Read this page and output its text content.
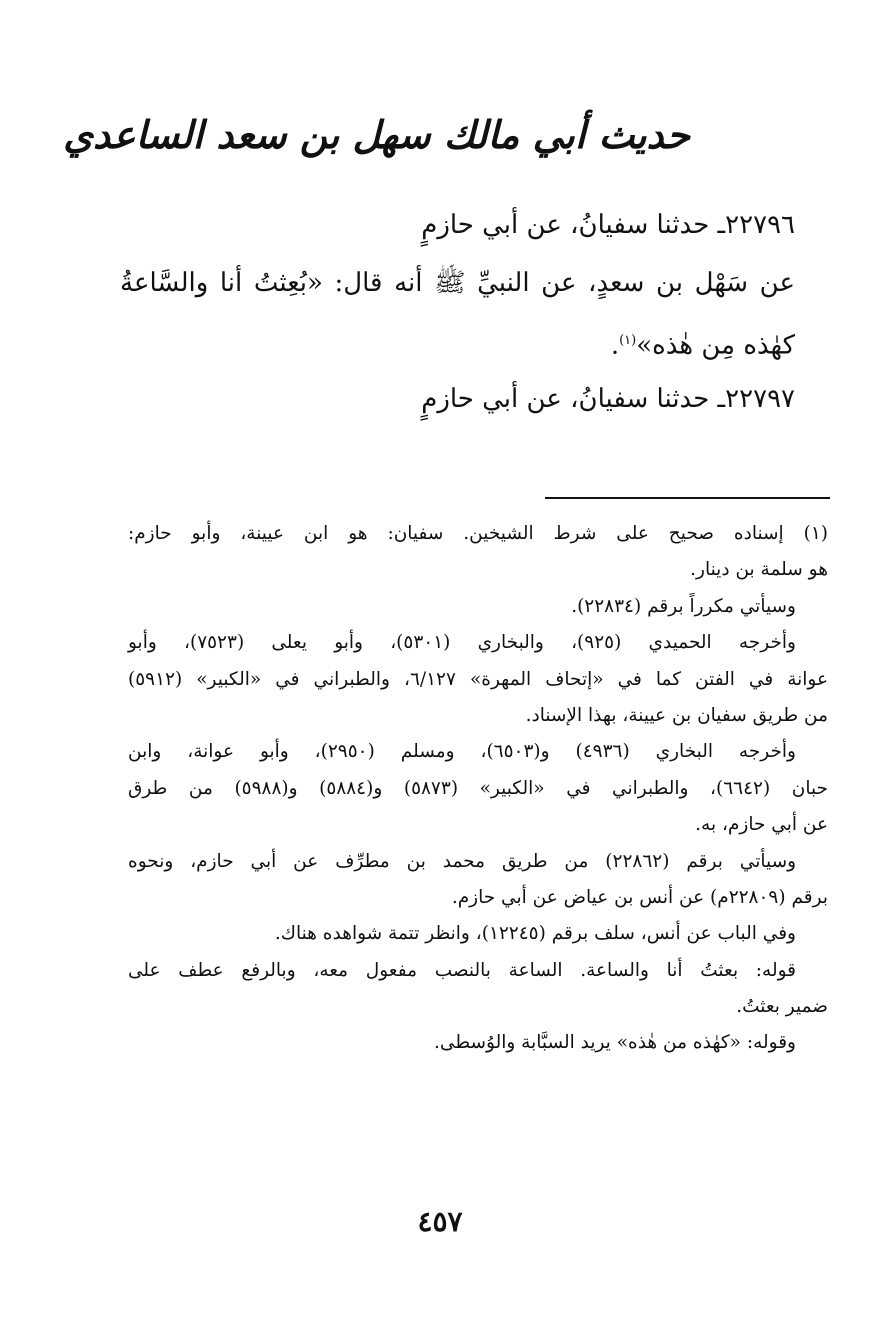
حديث أبي مالك سهل بن سعد الساعدي
٢٢٧٩٦ـ حدثنا سفيانُ، عن أبي حازمٍ
عن سَهْل بن سعدٍ، عن النبيِّ ﷺ أنه قال: «بُعِثتُ أنا والسَّاعةُ
كهٰذه مِن هٰذه»$^{(١)}$.
٢٢٧٩٧ـ حدثنا سفيانُ، عن أبي حازمٍ
(١) إسناده صحيح على شرط الشيخين. سفيان: هو ابن عيينة، وأبو حازم:
هو سلمة بن دينار.
وسيأتي مكرراً برقم (٢٢٨٣٤).
وأخرجه الحميدي (٩٢٥)، والبخاري (٥٣٠١)، وأبو يعلى (٧٥٢٣)، وأبو
عوانة في الفتن كما في «إتحاف المهرة» ٦/١٢٧، والطبراني في «الكبير» (٥٩١٢)
من طريق سفيان بن عيينة، بهذا الإسناد.
وأخرجه البخاري (٤٩٣٦) و(٦٥٠٣)، ومسلم (٢٩٥٠)، وأبو عوانة، وابن
حبان (٦٦٤٢)، والطبراني في «الكبير» (٥٨٧٣) و(٥٨٨٤) و(٥٩٨٨) من طرق
عن أبي حازم، به.
وسيأتي برقم (٢٢٨٦٢) من طريق محمد بن مطرِّف عن أبي حازم، ونحوه
برقم (٢٢٨٠٩م) عن أنس بن عياض عن أبي حازم.
وفي الباب عن أنس، سلف برقم (١٢٢٤٥)، وانظر تتمة شواهده هناك.
قوله: بعثتُ أنا والساعة. الساعة بالنصب مفعول معه، وبالرفع عطف على
ضمير بعثتُ.
وقوله: «كهٰذه من هٰذه» يريد السبَّابة والوُسطى.
٤٥٧
